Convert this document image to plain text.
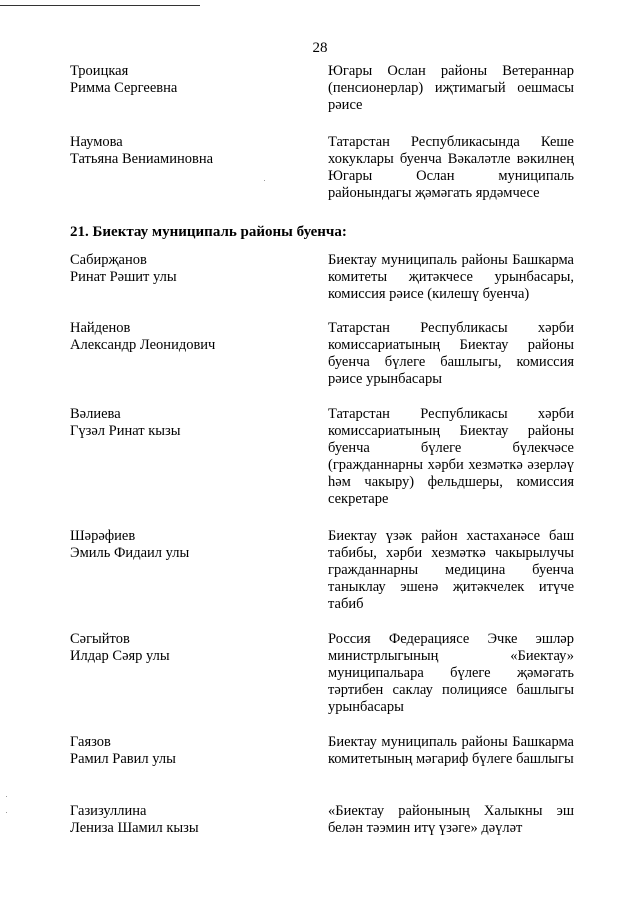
28
Троицкая
Римма Сергеевна
Югары Ослан районы Ветераннар (пенсионерлар) иҗтимагый оешмасы рәисе
Наумова
Татьяна Вениаминовна
Татарстан Республикасында Кеше хокуклары буенча Вәкаләтле вәкилнең Югары Ослан муниципаль районындагы җәмәгать ярдәмчесе
21. Биектау муниципаль районы буенча:
Сабирҗанов
Ринат Рәшит улы
Биектау муниципаль районы Башкарма комитеты җитәкчесе урынбасары, комиссия рәисе (килешү буенча)
Найденов
Александр Леонидович
Татарстан Республикасы хәрби комиссариатының Биектау районы буенча бүлеге башлыгы, комиссия рәисе урынбасары
Вәлиева
Гүзәл Ринат кызы
Татарстан Республикасы хәрби комиссариатының Биектау районы буенча бүлеге бүлекчәсе (гражданнарны хәрби хезмәткә әзерләү һәм чакыру) фельдшеры, комиссия секретаре
Шәрәфиев
Эмиль Фидаил улы
Биектау үзәк район хастаханәсе баш табибы, хәрби хезмәткә чакырылучы гражданнарны медицина буенча таныклау эшенә җитәкчелек итүче табиб
Сәгыйтов
Илдар Сәяр улы
Россия Федерациясе Эчке эшләр министрлыгының «Биектау» муниципальара бүлеге җәмәгать тәртибен саклау полициясе башлыгы урынбасары
Гаязов
Рамил Равил улы
Биектау муниципаль районы Башкарма комитетының мәгариф бүлеге башлыгы
Газизуллина
Лениза Шамил кызы
«Биектау районының Халыкны эш белән тәэмин итү үзәге» дәүләт
